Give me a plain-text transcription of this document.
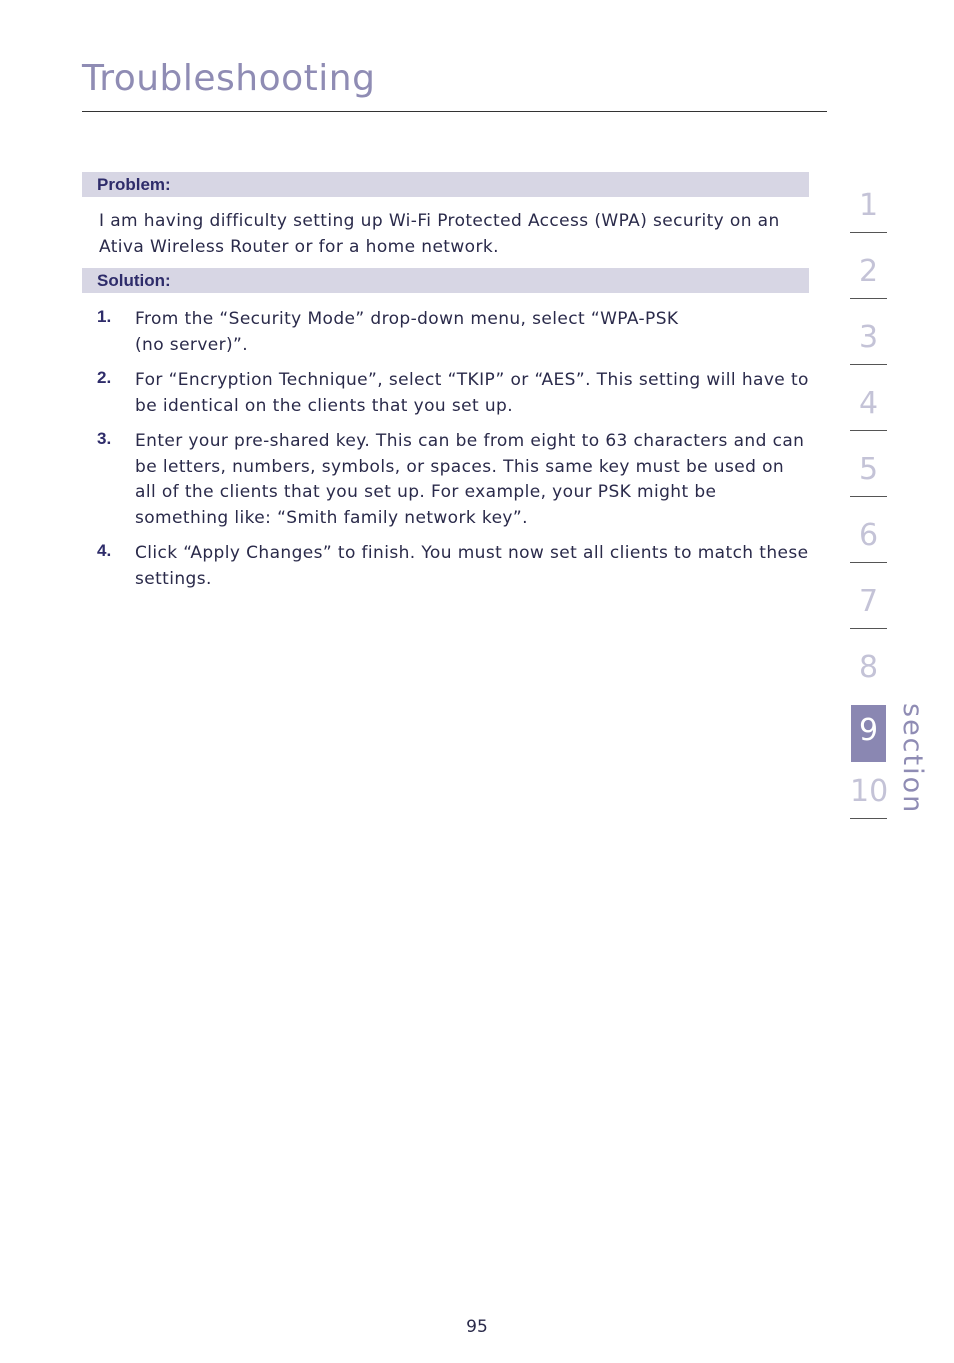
Troubleshooting
Problem:
I am having difficulty setting up Wi-Fi Protected Access (WPA) security on an Ativa Wireless Router or for a home network.
Solution:
1. From the “Security Mode” drop-down menu, select “WPA-PSK (no server)”.
2. For “Encryption Technique”, select “TKIP” or “AES”. This setting will have to be identical on the clients that you set up.
3. Enter your pre-shared key. This can be from eight to 63 characters and can be letters, numbers, symbols, or spaces. This same key must be used on all of the clients that you set up. For example, your PSK might be something like: “Smith family network key”.
4. Click “Apply Changes” to finish. You must now set all clients to match these settings.
1
2
3
4
5
6
7
8
9
10 section
95
